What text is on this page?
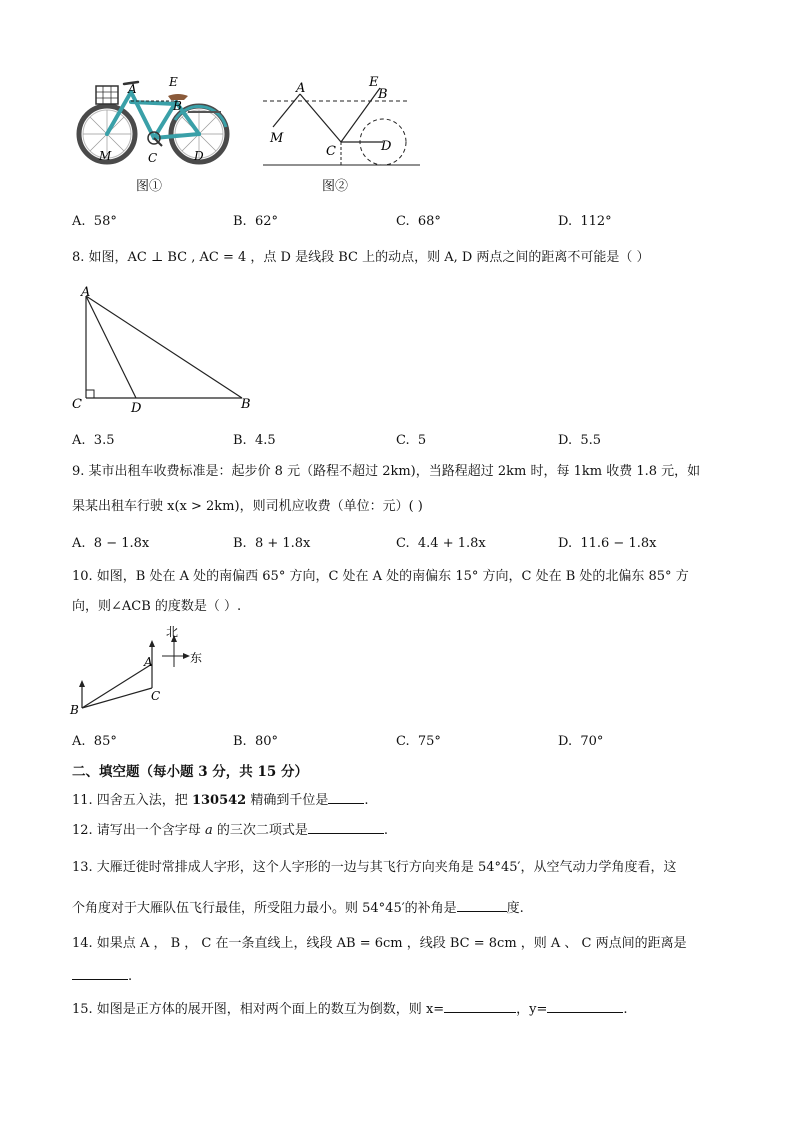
A	E
B
C	D
M
图①
A	E
B
M
C	D
图②
A. 58°	B. 62°	C. 68°	D. 112°
8. 如图，AC ⊥ BC , AC = 4 ，点 D 是线段 BC 上的动点，则 A, D 两点之间的距离不可能是（ ）
A
C	D	B
A. 3.5	B. 4.5	C. 5	D. 5.5
9. 某市出租车收费标准是：起步价 8 元（路程不超过 2km)，当路程超过 2km 时，每 1km 收费 1.8 元，如
果某出租车行驶 x(x > 2km)，则司机应收费（单位：元）( )
A. 8 − 1.8x	B. 8 + 1.8x	C. 4.4 + 1.8x	D. 11.6 − 1.8x
10. 如图，B 处在 A 处的南偏西 65° 方向，C 处在 A 处的南偏东 15° 方向，C 处在 B 处的北偏东 85° 方
向，则∠ACB 的度数是（ ）.
北
东
A
B
C
A. 85°	B. 80°	C. 75°	D. 70°
二、填空题（每小题 3 分，共 15 分）
11. 四舍五入法，把 130542 精确到千位是	.
12. 请写出一个含字母 a 的三次二项式是	.
13. 大雁迁徙时常排成人字形，这个人字形的一边与其飞行方向夹角是 54°45′，从空气动力学角度看，这
个角度对于大雁队伍飞行最佳，所受阻力最小。则 54°45′的补角是	度.
14. 如果点 A ， B ， C 在一条直线上，线段 AB = 6cm ，线段 BC = 8cm ，则 A 、 C 两点间的距离是
.
15. 如图是正方体的展开图，相对两个面上的数互为倒数，则 x=	，y=	.
